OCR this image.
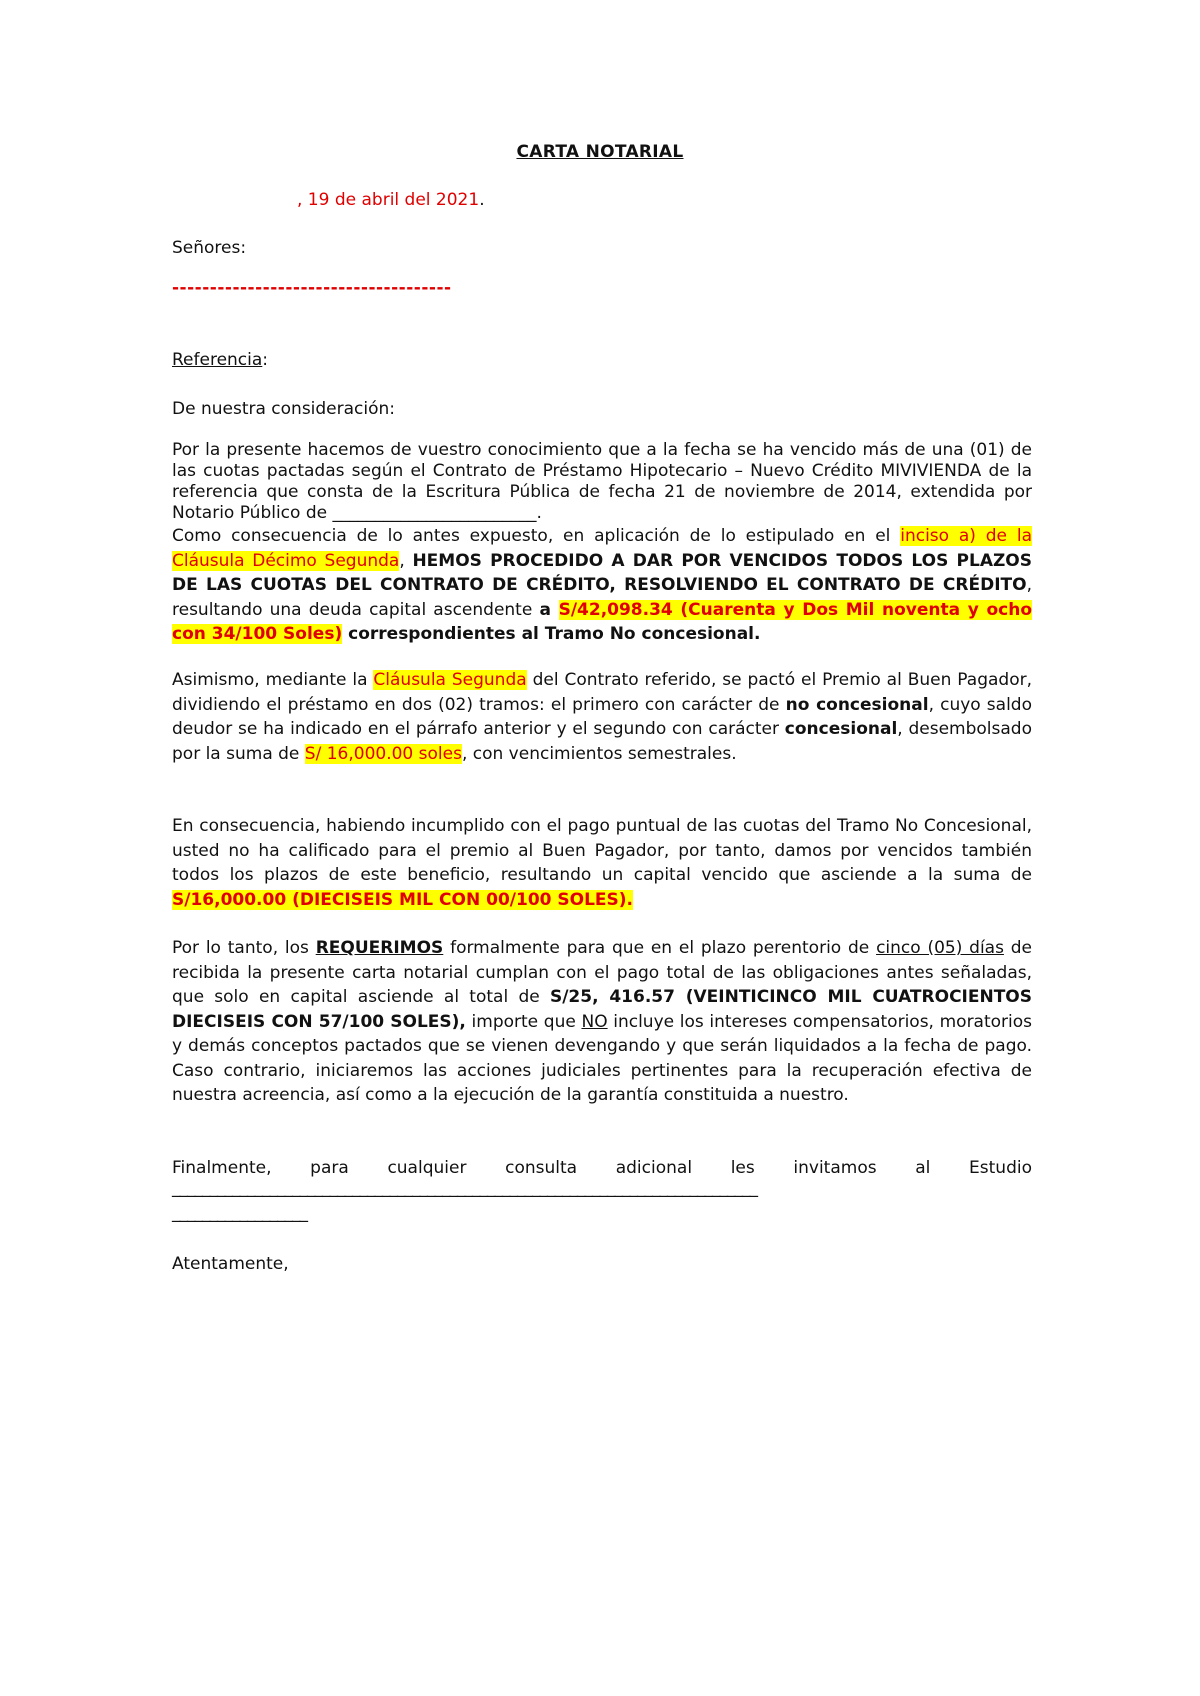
CARTA NOTARIAL
, 19 de abril del 2021.
Señores:
-------------------------------------
Referencia:
De nuestra consideración:
Por la presente hacemos de vuestro conocimiento que a la fecha se ha vencido más de una (01) de las cuotas pactadas según el Contrato de Préstamo Hipotecario – Nuevo Crédito MIVIVIENDA de la referencia que consta de la Escritura Pública de fecha 21 de noviembre de 2014, extendida por Notario Público de ________________________.
Como consecuencia de lo antes expuesto, en aplicación de lo estipulado en el inciso a) de la Cláusula Décimo Segunda, HEMOS PROCEDIDO A DAR POR VENCIDOS TODOS LOS PLAZOS DE LAS CUOTAS DEL CONTRATO DE CRÉDITO, RESOLVIENDO EL CONTRATO DE CRÉDITO, resultando una deuda capital ascendente a S/42,098.34 (Cuarenta y Dos Mil noventa y ocho con 34/100 Soles) correspondientes al Tramo No concesional.
Asimismo, mediante la Cláusula Segunda del Contrato referido, se pactó el Premio al Buen Pagador, dividiendo el préstamo en dos (02) tramos: el primero con carácter de no concesional, cuyo saldo deudor se ha indicado en el párrafo anterior y el segundo con carácter concesional, desembolsado por la suma de S/ 16,000.00 soles, con vencimientos semestrales.
En consecuencia, habiendo incumplido con el pago puntual de las cuotas del Tramo No Concesional, usted no ha calificado para el premio al Buen Pagador, por tanto, damos por vencidos también todos los plazos de este beneficio, resultando un capital vencido que asciende a la suma de S/16,000.00 (DIECISEIS MIL CON 00/100 SOLES).
Por lo tanto, los REQUERIMOS formalmente para que en el plazo perentorio de cinco (05) días de recibida la presente carta notarial cumplan con el pago total de las obligaciones antes señaladas, que solo en capital asciende al total de S/25, 416.57 (VEINTICINCO MIL CUATROCIENTOS DIECISEIS CON 57/100 SOLES), importe que NO incluye los intereses compensatorios, moratorios y demás conceptos pactados que se vienen devengando y que serán liquidados a la fecha de pago. Caso contrario, iniciaremos las acciones judiciales pertinentes para la recuperación efectiva de nuestra acreencia, así como a la ejecución de la garantía constituida a nuestro.
Finalmente, para cualquier consulta adicional les invitamos al Estudio
______________________________________________________________________________
__________________
Atentamente,
